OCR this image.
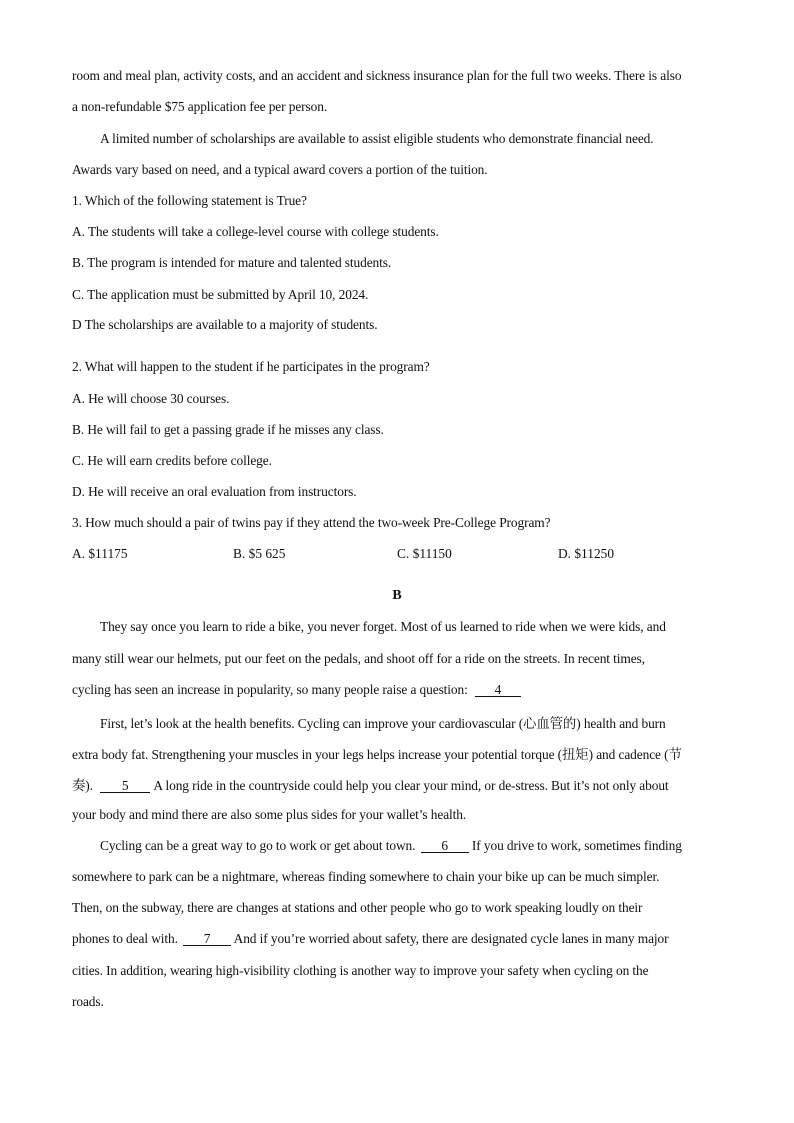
room and meal plan, activity costs, and an accident and sickness insurance plan for the full two weeks. There is also
a non-refundable $75 application fee per person.
A limited number of scholarships are available to assist eligible students who demonstrate financial need.
Awards vary based on need, and a typical award covers a portion of the tuition.
1. Which of the following statement is True?
A. The students will take a college-level course with college students.
B. The program is intended for mature and talented students.
C. The application must be submitted by April 10, 2024.
D The scholarships are available to a majority of students.
2. What will happen to the student if he participates in the program?
A. He will choose 30 courses.
B. He will fail to get a passing grade if he misses any class.
C. He will earn credits before college.
D. He will receive an oral evaluation from instructors.
3. How much should a pair of twins pay if they attend the two-week Pre-College Program?
A. $11175	B. $5 625	C. $11150	D. $11250
B
They say once you learn to ride a bike, you never forget. Most of us learned to ride when we were kids, and
many still wear our helmets, put our feet on the pedals, and shoot off for a ride on the streets. In recent times,
cycling has seen an increase in popularity, so many people raise a question: 4
First, let’s look at the health benefits. Cycling can improve your cardiovascular (心血管的) health and burn
extra body fat. Strengthening your muscles in your legs helps increase your potential torque (扭矩) and cadence (节
奏). 5 A long ride in the countryside could help you clear your mind, or de-stress. But it’s not only about
your body and mind there are also some plus sides for your wallet’s health.
Cycling can be a great way to go to work or get about town. 6 If you drive to work, sometimes finding
somewhere to park can be a nightmare, whereas finding somewhere to chain your bike up can be much simpler.
Then, on the subway, there are changes at stations and other people who go to work speaking loudly on their
phones to deal with. 7 And if you’re worried about safety, there are designated cycle lanes in many major
cities. In addition, wearing high-visibility clothing is another way to improve your safety when cycling on the
roads.
